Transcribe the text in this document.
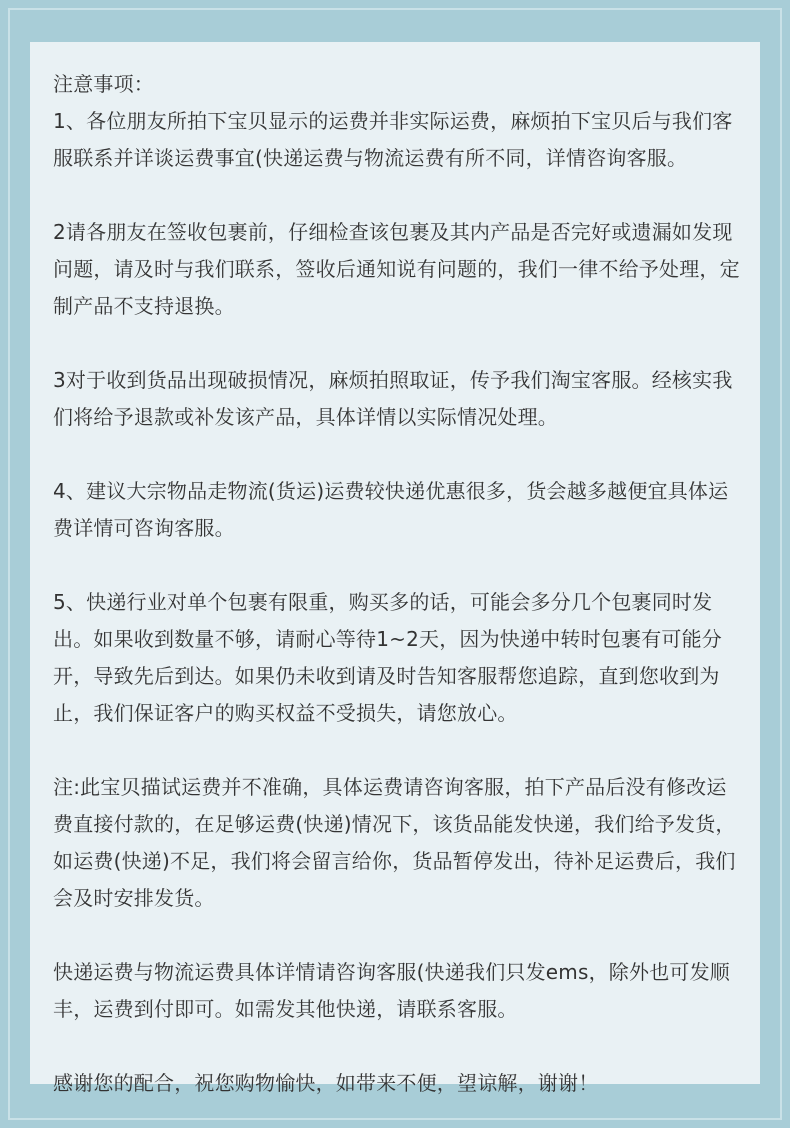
注意事项：

1、各位朋友所拍下宝贝显示的运费并非实际运费，麻烦拍下宝贝后与我们客服联系并详谈运费事宜(快递运费与物流运费有所不同，详情咨询客服。

2请各朋友在签收包裹前，仔细检查该包裹及其内产品是否完好或遗漏如发现问题，请及时与我们联系，签收后通知说有问题的，我们一律不给予处理，定制产品不支持退换。

3对于收到货品出现破损情况，麻烦拍照取证，传予我们淘宝客服。经核实我们将给予退款或补发该产品，具体详情以实际情况处理。

4、建议大宗物品走物流(货运)运费较快递优惠很多，货会越多越便宜具体运费详情可咨询客服。

5、快递行业对单个包裹有限重，购买多的话，可能会多分几个包裹同时发出。如果收到数量不够，请耐心等待1~2天，因为快递中转时包裹有可能分开，导致先后到达。如果仍未收到请及时告知客服帮您追踪，直到您收到为止，我们保证客户的购买权益不受损失，请您放心。

注:此宝贝描试运费并不准确，具体运费请咨询客服，拍下产品后没有修改运费直接付款的，在足够运费(快递)情况下，该货品能发快递，我们给予发货，如运费(快递)不足，我们将会留言给你，货品暂停发出，待补足运费后，我们会及时安排发货。

快递运费与物流运费具体详情请咨询客服(快递我们只发ems，除外也可发顺丰，运费到付即可。如需发其他快递，请联系客服。

感谢您的配合，祝您购物愉快，如带来不便，望谅解，谢谢！
